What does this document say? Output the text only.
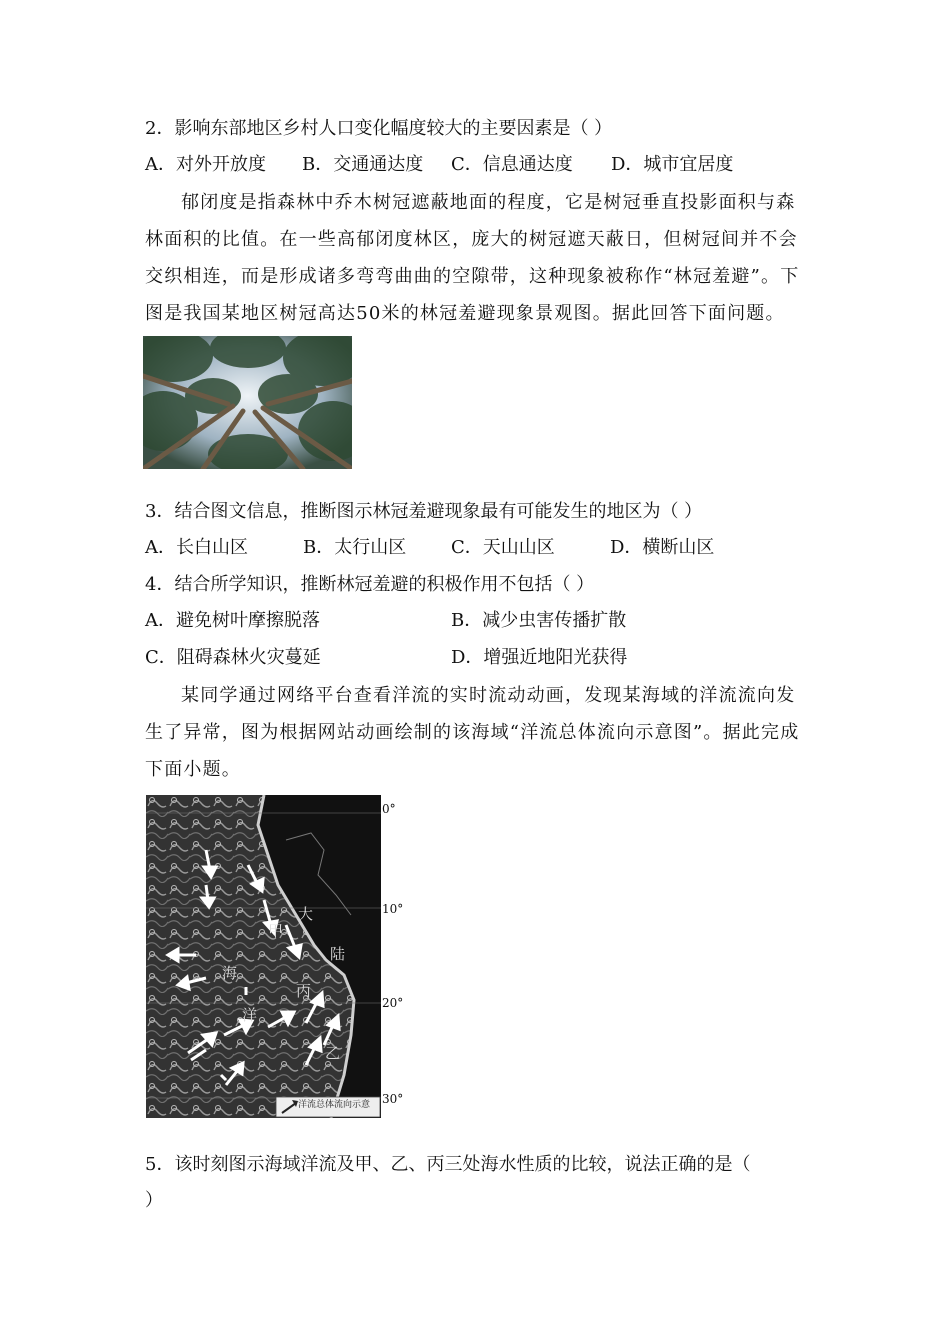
2．影响东部地区乡村人口变化幅度较大的主要因素是（ ）
A．对外开放度 B．交通通达度 C．信息通达度 D．城市宜居度
郁闭度是指森林中乔木树冠遮蔽地面的程度，它是树冠垂直投影面积与森林面积的比值。在一些高郁闭度林区，庞大的树冠遮天蔽日，但树冠间并不会交织相连，而是形成诸多弯弯曲曲的空隙带，这种现象被称作“林冠羞避”。下图是我国某地区树冠高达50米的林冠羞避现象景观图。据此回答下面问题。
3．结合图文信息，推断图示林冠羞避现象最有可能发生的地区为（ ）
A．长白山区	B．太行山区 C．天山山区	D．横断山区
4．结合所学知识，推断林冠羞避的积极作用不包括（ ）
A．避免树叶摩擦脱落	B．减少虫害传播扩散
C．阻碍森林火灾蔓延	D．增强近地阳光获得
某同学通过网络平台查看洋流的实时流动动画，发现某海域的洋流流向发生了异常，图为根据网站动画绘制的该海域“洋流总体流向示意图”。据此完成下面小题。
0°
10°
20°
30°
大
陆
海
洋
甲
丙
乙
洋流总体流向示意
5．该时刻图示海域洋流及甲、乙、丙三处海水性质的比较，说法正确的是（
）
